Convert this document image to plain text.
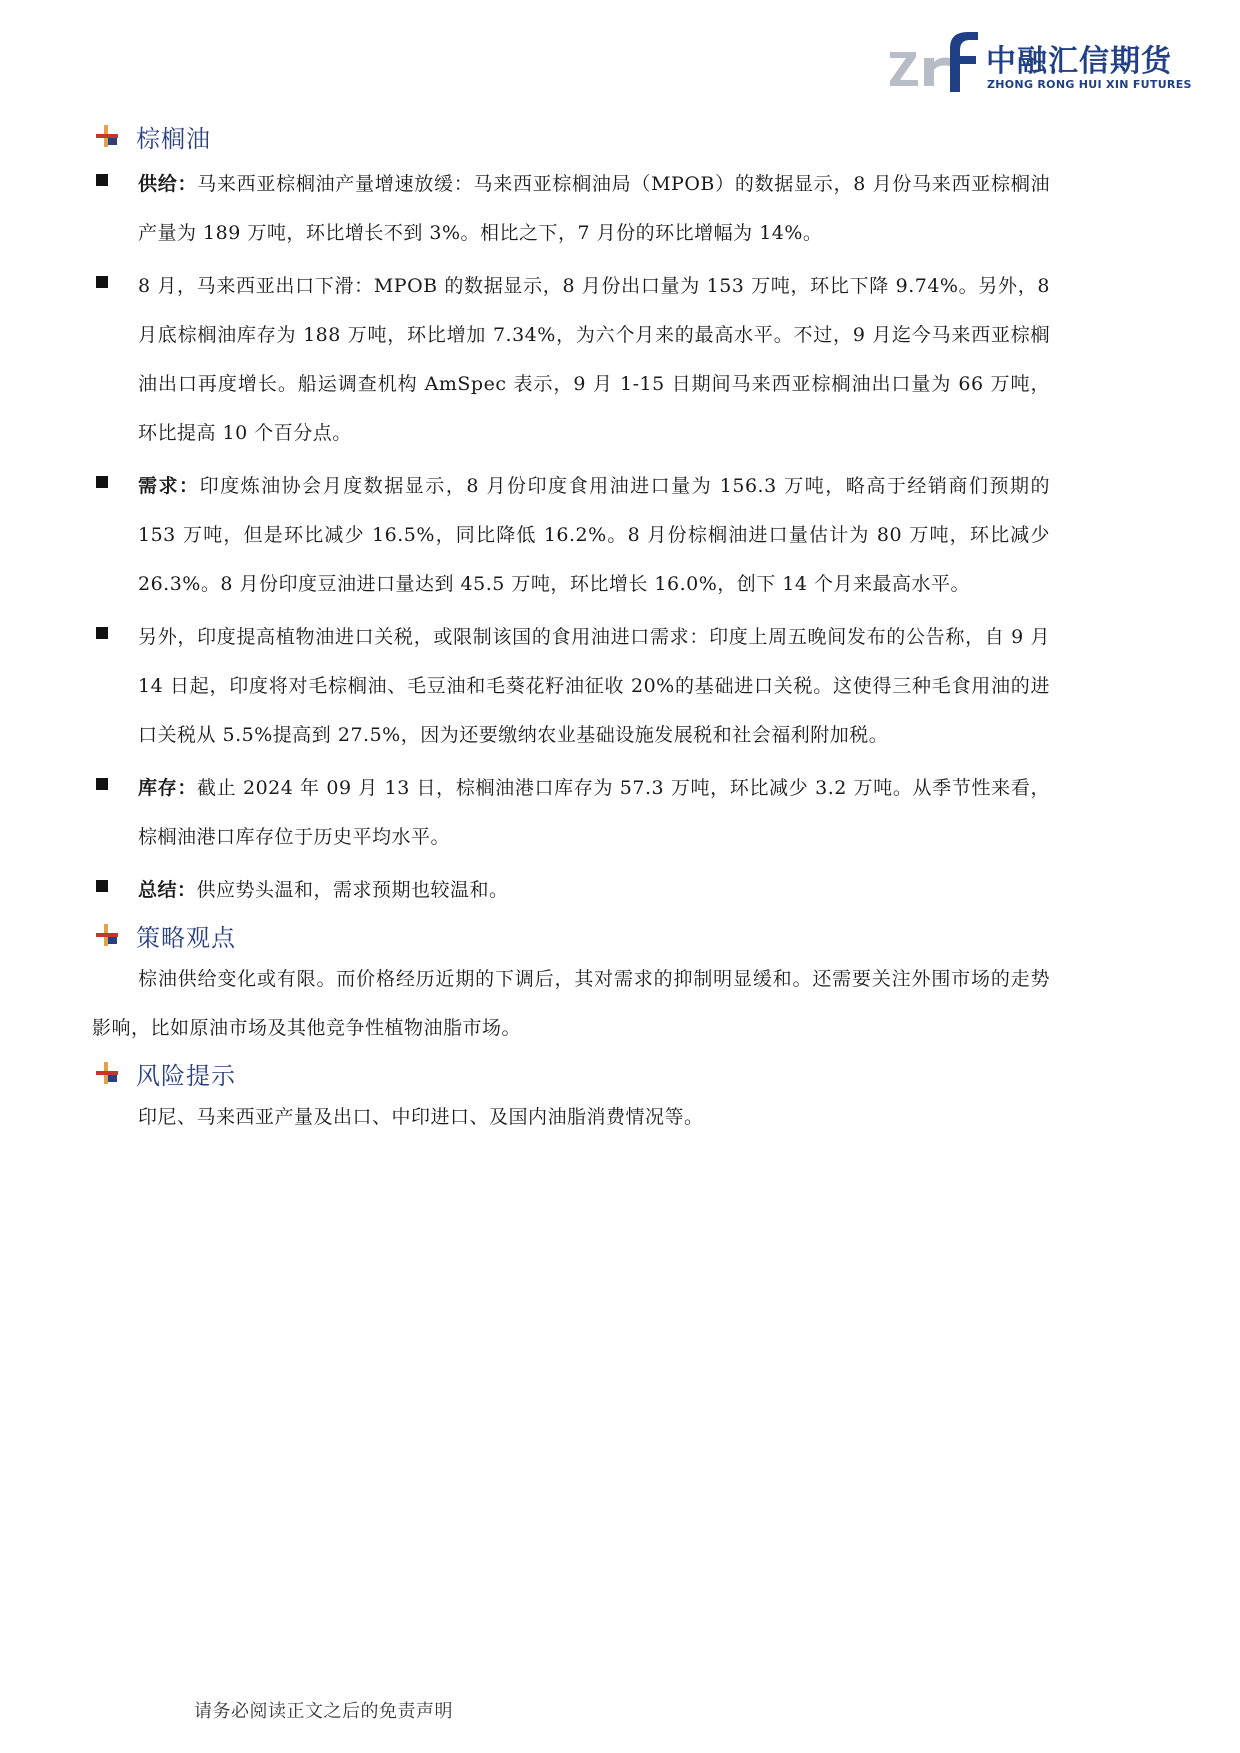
中融汇信期货
ZHONG RONG HUI XIN FUTURES
棕榈油
供给：马来西亚棕榈油产量增速放缓：马来西亚棕榈油局（MPOB）的数据显示，8 月份马来西亚棕榈油产量为 189 万吨，环比增长不到 3%。相比之下，7 月份的环比增幅为 14%。
8 月，马来西亚出口下滑：MPOB 的数据显示，8 月份出口量为 153 万吨，环比下降 9.74%。另外，8 月底棕榈油库存为 188 万吨，环比增加 7.34%，为六个月来的最高水平。不过，9 月迄今马来西亚棕榈油出口再度增长。船运调查机构 AmSpec 表示，9 月 1-15 日期间马来西亚棕榈油出口量为 66 万吨，环比提高 10 个百分点。
需求：印度炼油协会月度数据显示，8 月份印度食用油进口量为 156.3 万吨，略高于经销商们预期的 153 万吨，但是环比减少 16.5%，同比降低 16.2%。8 月份棕榈油进口量估计为 80 万吨，环比减少 26.3%。8 月份印度豆油进口量达到 45.5 万吨，环比增长 16.0%，创下 14 个月来最高水平。
另外，印度提高植物油进口关税，或限制该国的食用油进口需求：印度上周五晚间发布的公告称，自 9 月 14 日起，印度将对毛棕榈油、毛豆油和毛葵花籽油征收 20%的基础进口关税。这使得三种毛食用油的进口关税从 5.5%提高到 27.5%，因为还要缴纳农业基础设施发展税和社会福利附加税。
库存：截止 2024 年 09 月 13 日，棕榈油港口库存为 57.3 万吨，环比减少 3.2 万吨。从季节性来看，棕榈油港口库存位于历史平均水平。
总结：供应势头温和，需求预期也较温和。
策略观点
棕油供给变化或有限。而价格经历近期的下调后，其对需求的抑制明显缓和。还需要关注外围市场的走势影响，比如原油市场及其他竞争性植物油脂市场。
风险提示
印尼、马来西亚产量及出口、中印进口、及国内油脂消费情况等。
请务必阅读正文之后的免责声明
